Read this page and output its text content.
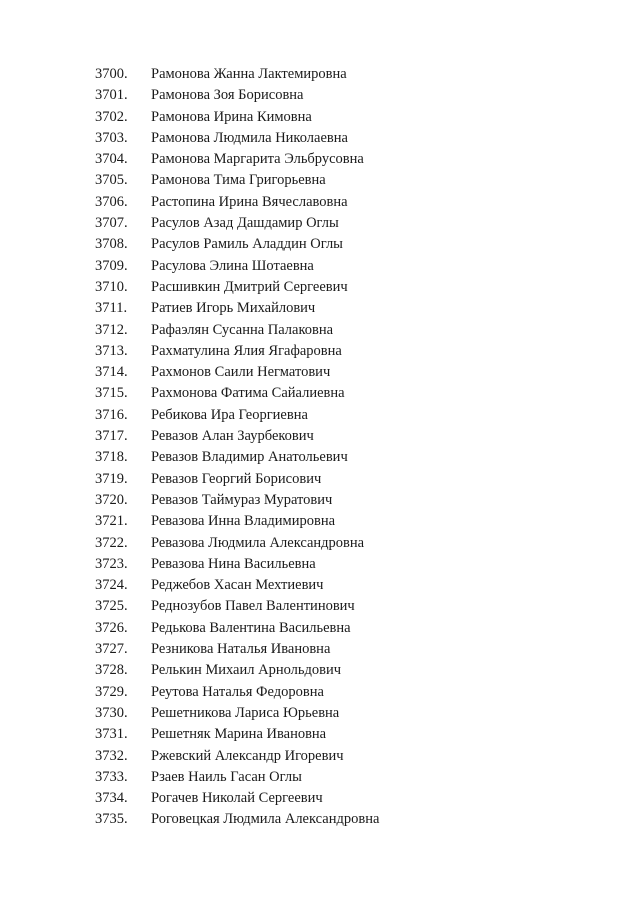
3700.	Рамонова Жанна Лактемировна
3701.	Рамонова Зоя Борисовна
3702.	Рамонова Ирина Кимовна
3703.	Рамонова Людмила Николаевна
3704.	Рамонова Маргарита Эльбрусовна
3705.	Рамонова Тима Григорьевна
3706.	Растопина Ирина Вячеславовна
3707.	Расулов Азад Дашдамир Оглы
3708.	Расулов Рамиль Аладдин Оглы
3709.	Расулова Элина Шотаевна
3710.	Расшивкин Дмитрий Сергеевич
3711.	Ратиев Игорь Михайлович
3712.	Рафаэлян Сусанна Палаковна
3713.	Рахматулина Ялия Ягафаровна
3714.	Рахмонов Саили Негматович
3715.	Рахмонова Фатима Сайалиевна
3716.	Ребикова Ира Георгиевна
3717.	Ревазов Алан Заурбекович
3718.	Ревазов Владимир Анатольевич
3719.	Ревазов Георгий Борисович
3720.	Ревазов Таймураз Муратович
3721.	Ревазова Инна Владимировна
3722.	Ревазова Людмила Александровна
3723.	Ревазова Нина Васильевна
3724.	Реджебов Хасан Мехтиевич
3725.	Реднозубов Павел Валентинович
3726.	Редькова Валентина Васильевна
3727.	Резникова Наталья Ивановна
3728.	Релькин Михаил Арнольдович
3729.	Реутова Наталья Федоровна
3730.	Решетникова Лариса Юрьевна
3731.	Решетняк Марина Ивановна
3732.	Ржевский Александр Игоревич
3733.	Рзаев Наиль Гасан Оглы
3734.	Рогачев Николай Сергеевич
3735.	Роговецкая Людмила Александровна
